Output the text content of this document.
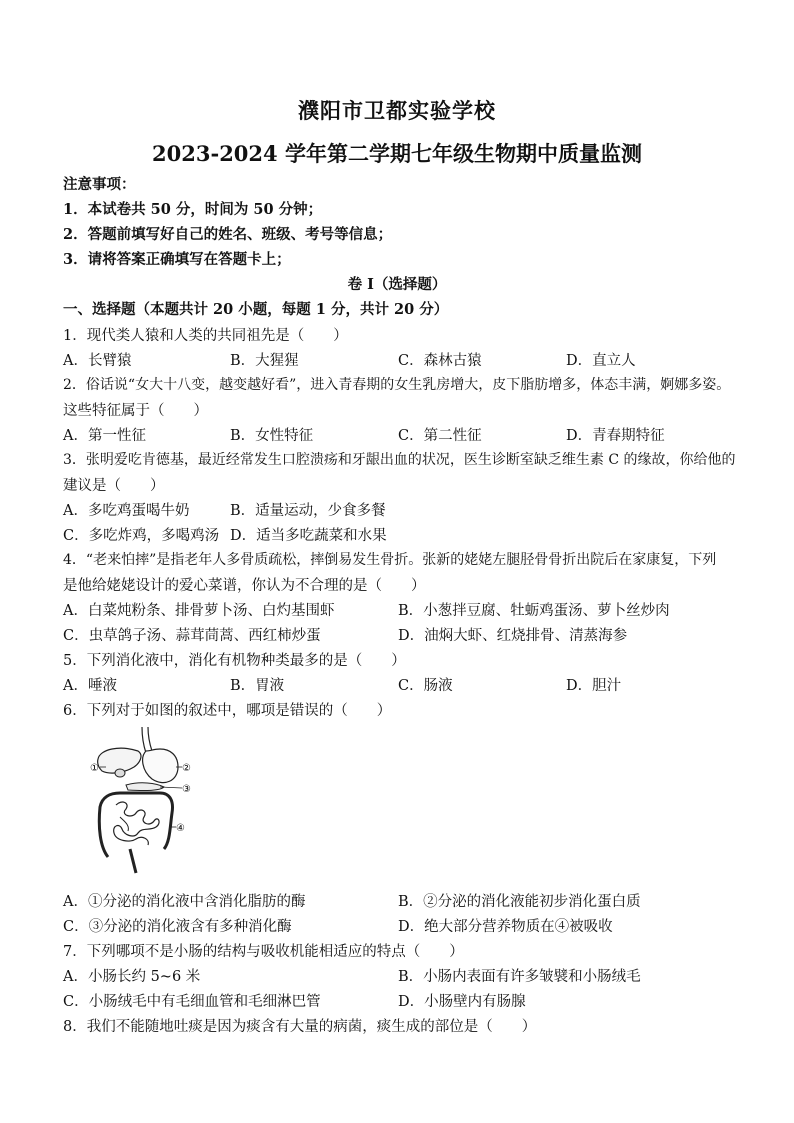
濮阳市卫都实验学校
2023-2024 学年第二学期七年级生物期中质量监测
注意事项：
1．本试卷共 50 分，时间为 50 分钟；
2．答题前填写好自己的姓名、班级、考号等信息；
3．请将答案正确填写在答题卡上；
卷 I（选择题）
一、选择题（本题共计 20 小题，每题 1 分，共计 20 分）
1．现代类人猿和人类的共同祖先是（　　）
A．长臂猿	B．大猩猩	C．森林古猿	D．直立人
2．俗话说“女大十八变，越变越好看”，进入青春期的女生乳房增大，皮下脂肪增多，体态丰满，婀娜多姿。
这些特征属于（　　）
A．第一性征	B．女性特征	C．第二性征	D．青春期特征
3．张明爱吃肯德基，最近经常发生口腔溃疡和牙龈出血的状况，医生诊断室缺乏维生素 C 的缘故，你给他的
建议是（　　）
A．多吃鸡蛋喝牛奶	B．适量运动，少食多餐
C．多吃炸鸡，多喝鸡汤 D．适当多吃蔬菜和水果
4．“老来怕摔”是指老年人多骨质疏松，摔倒易发生骨折。张新的姥姥左腿胫骨骨折出院后在家康复，下列
是他给姥姥设计的爱心菜谱，你认为不合理的是（　　）
A．白菜炖粉条、排骨萝卜汤、白灼基围虾	B．小葱拌豆腐、牡蛎鸡蛋汤、萝卜丝炒肉
C．虫草鸽子汤、蒜茸茼蒿、西红柿炒蛋	D．油焖大虾、红烧排骨、清蒸海参
5．下列消化液中，消化有机物种类最多的是（　　）
A．唾液	B．胃液	C．肠液	D．胆汁
6．下列对于如图的叙述中，哪项是错误的（　　）
①	②
③
④
A．①分泌的消化液中含消化脂肪的酶	B．②分泌的消化液能初步消化蛋白质
C．③分泌的消化液含有多种消化酶	D．绝大部分营养物质在④被吸收
7．下列哪项不是小肠的结构与吸收机能相适应的特点（　　）
A．小肠长约 5~6 米	B．小肠内表面有许多皱襞和小肠绒毛
C．小肠绒毛中有毛细血管和毛细淋巴管	D．小肠壁内有肠腺
8．我们不能随地吐痰是因为痰含有大量的病菌，痰生成的部位是（　　）
